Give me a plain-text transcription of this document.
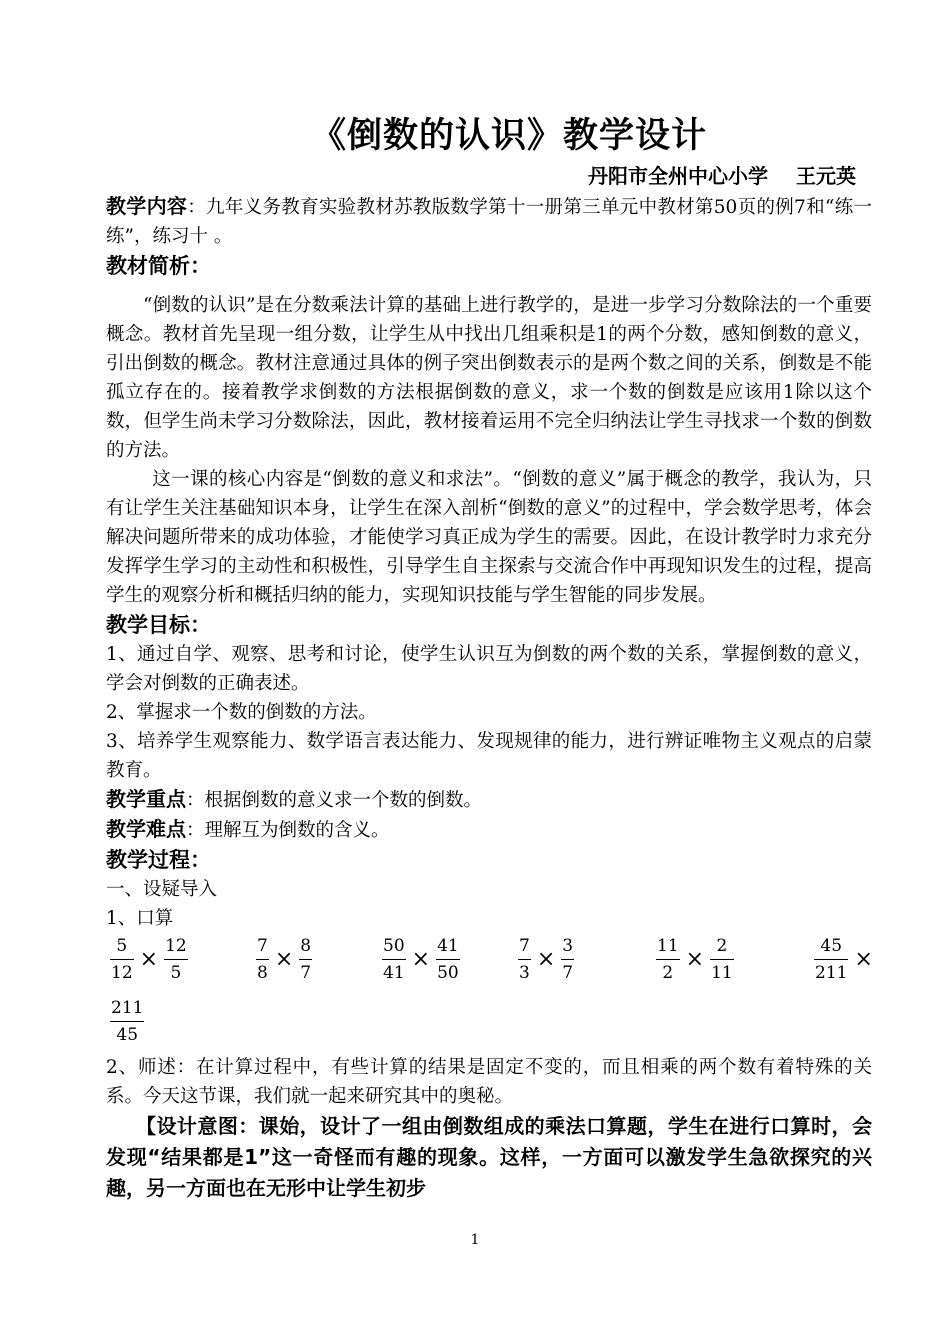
《倒数的认识》教学设计
丹阳市全州中心小学 王元英

教学内容：九年义务教育实验教材苏教版数学第十一册第三单元中教材第50页的例7和“练一练”，练习十 。

教材简析：

“倒数的认识”是在分数乘法计算的基础上进行教学的，是进一步学习分数除法的一个重要概念。教材首先呈现一组分数，让学生从中找出几组乘积是1的两个分数，感知倒数的意义，引出倒数的概念。教材注意通过具体的例子突出倒数表示的是两个数之间的关系，倒数是不能孤立存在的。接着教学求倒数的方法根据倒数的意义，求一个数的倒数是应该用1除以这个数，但学生尚未学习分数除法，因此，教材接着运用不完全归纳法让学生寻找求一个数的倒数的方法。

这一课的核心内容是“倒数的意义和求法”。“倒数的意义”属于概念的教学，我认为，只有让学生关注基础知识本身，让学生在深入剖析“倒数的意义”的过程中，学会数学思考，体会解决问题所带来的成功体验，才能使学习真正成为学生的需要。因此，在设计教学时力求充分发挥学生学习的主动性和积极性，引导学生自主探索与交流合作中再现知识发生的过程，提高学生的观察分析和概括归纳的能力，实现知识技能与学生智能的同步发展。

教学目标：

1、通过自学、观察、思考和讨论，使学生认识互为倒数的两个数的关系，掌握倒数的意义，学会对倒数的正确表述。

2、掌握求一个数的倒数的方法。

3、培养学生观察能力、数学语言表达能力、发现规律的能力，进行辨证唯物主义观点的启蒙教育。

教学重点：根据倒数的意义求一个数的倒数。

教学难点：理解互为倒数的含义。

教学过程：

一、设疑导入

1、口算

$\frac{5}{12} \times \frac{12}{5}$	$\frac{7}{8} \times \frac{8}{7}$	$\frac{50}{41} \times \frac{41}{50}$	$\frac{7}{3} \times \frac{3}{7}$	$\frac{11}{2} \times \frac{2}{11}$	$\frac{45}{211}$ ×
$\frac{211}{45}$

2、师述：在计算过程中，有些计算的结果是固定不变的，而且相乘的两个数有着特殊的关系。今天这节课，我们就一起来研究其中的奥秘。

【设计意图：课始，设计了一组由倒数组成的乘法口算题，学生在进行口算时，会发现“结果都是1”这一奇怪而有趣的现象。这样，一方面可以激发学生急欲探究的兴趣，另一方面也在无形中让学生初步

1
